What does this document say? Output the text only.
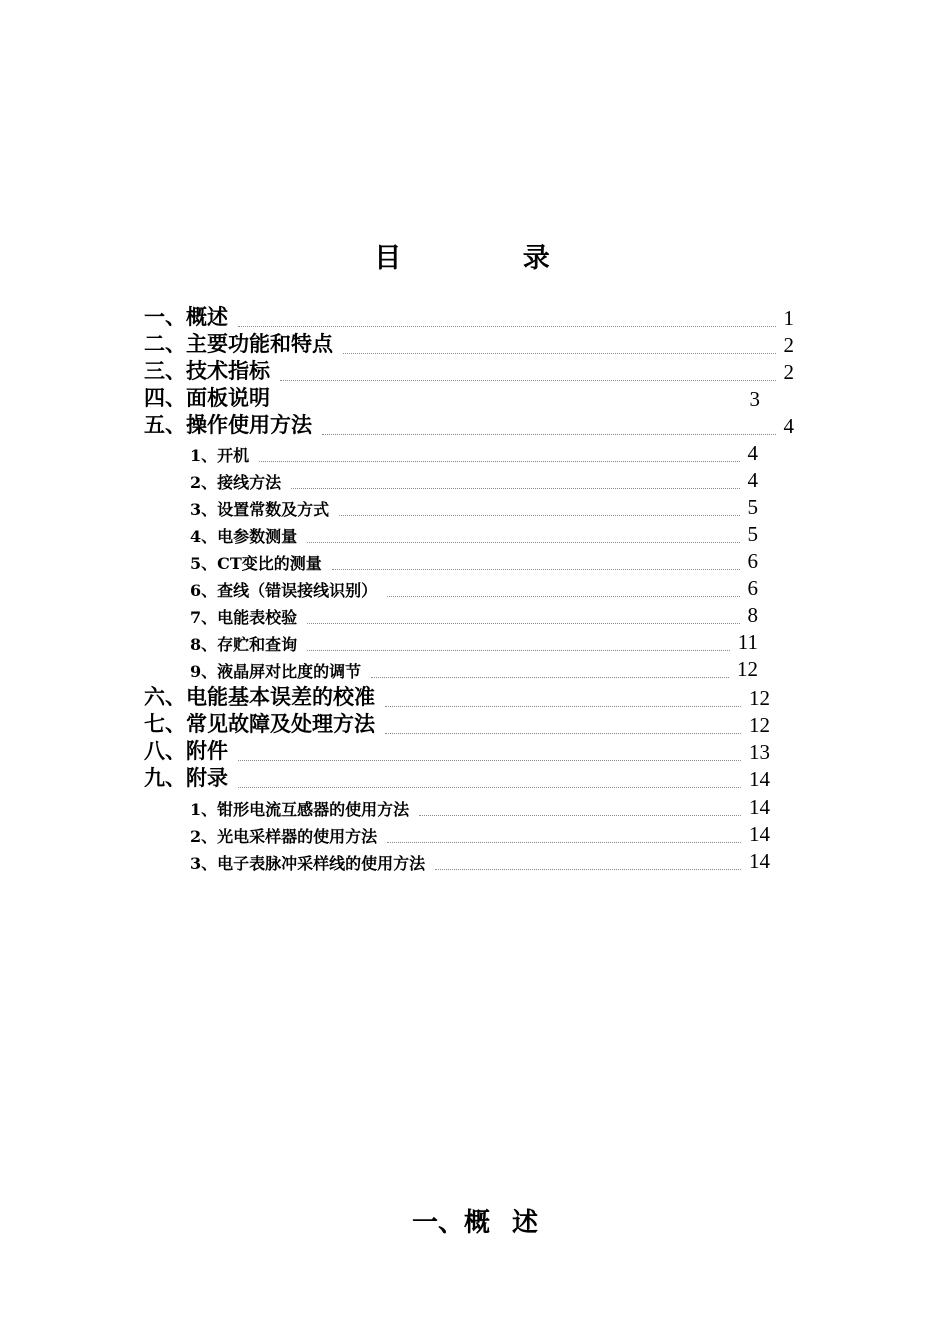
目 录
一、概述	1
二、主要功能和特点	2
三、技术指标	2
四、面板说明	3
五、操作使用方法	4
1、开机	4
2、接线方法	4
3、设置常数及方式	5
4、电参数测量	5
5、CT变比的测量	6
6、查线（错误接线识别）	6
7、电能表校验	8
8、存贮和查询	11
9、液晶屏对比度的调节	12
六、电能基本误差的校准	12
七、常见故障及处理方法	12
八、附件	13
九、附录	14
1、钳形电流互感器的使用方法	14
2、光电采样器的使用方法	14
3、电子表脉冲采样线的使用方法	14
一、概 述
